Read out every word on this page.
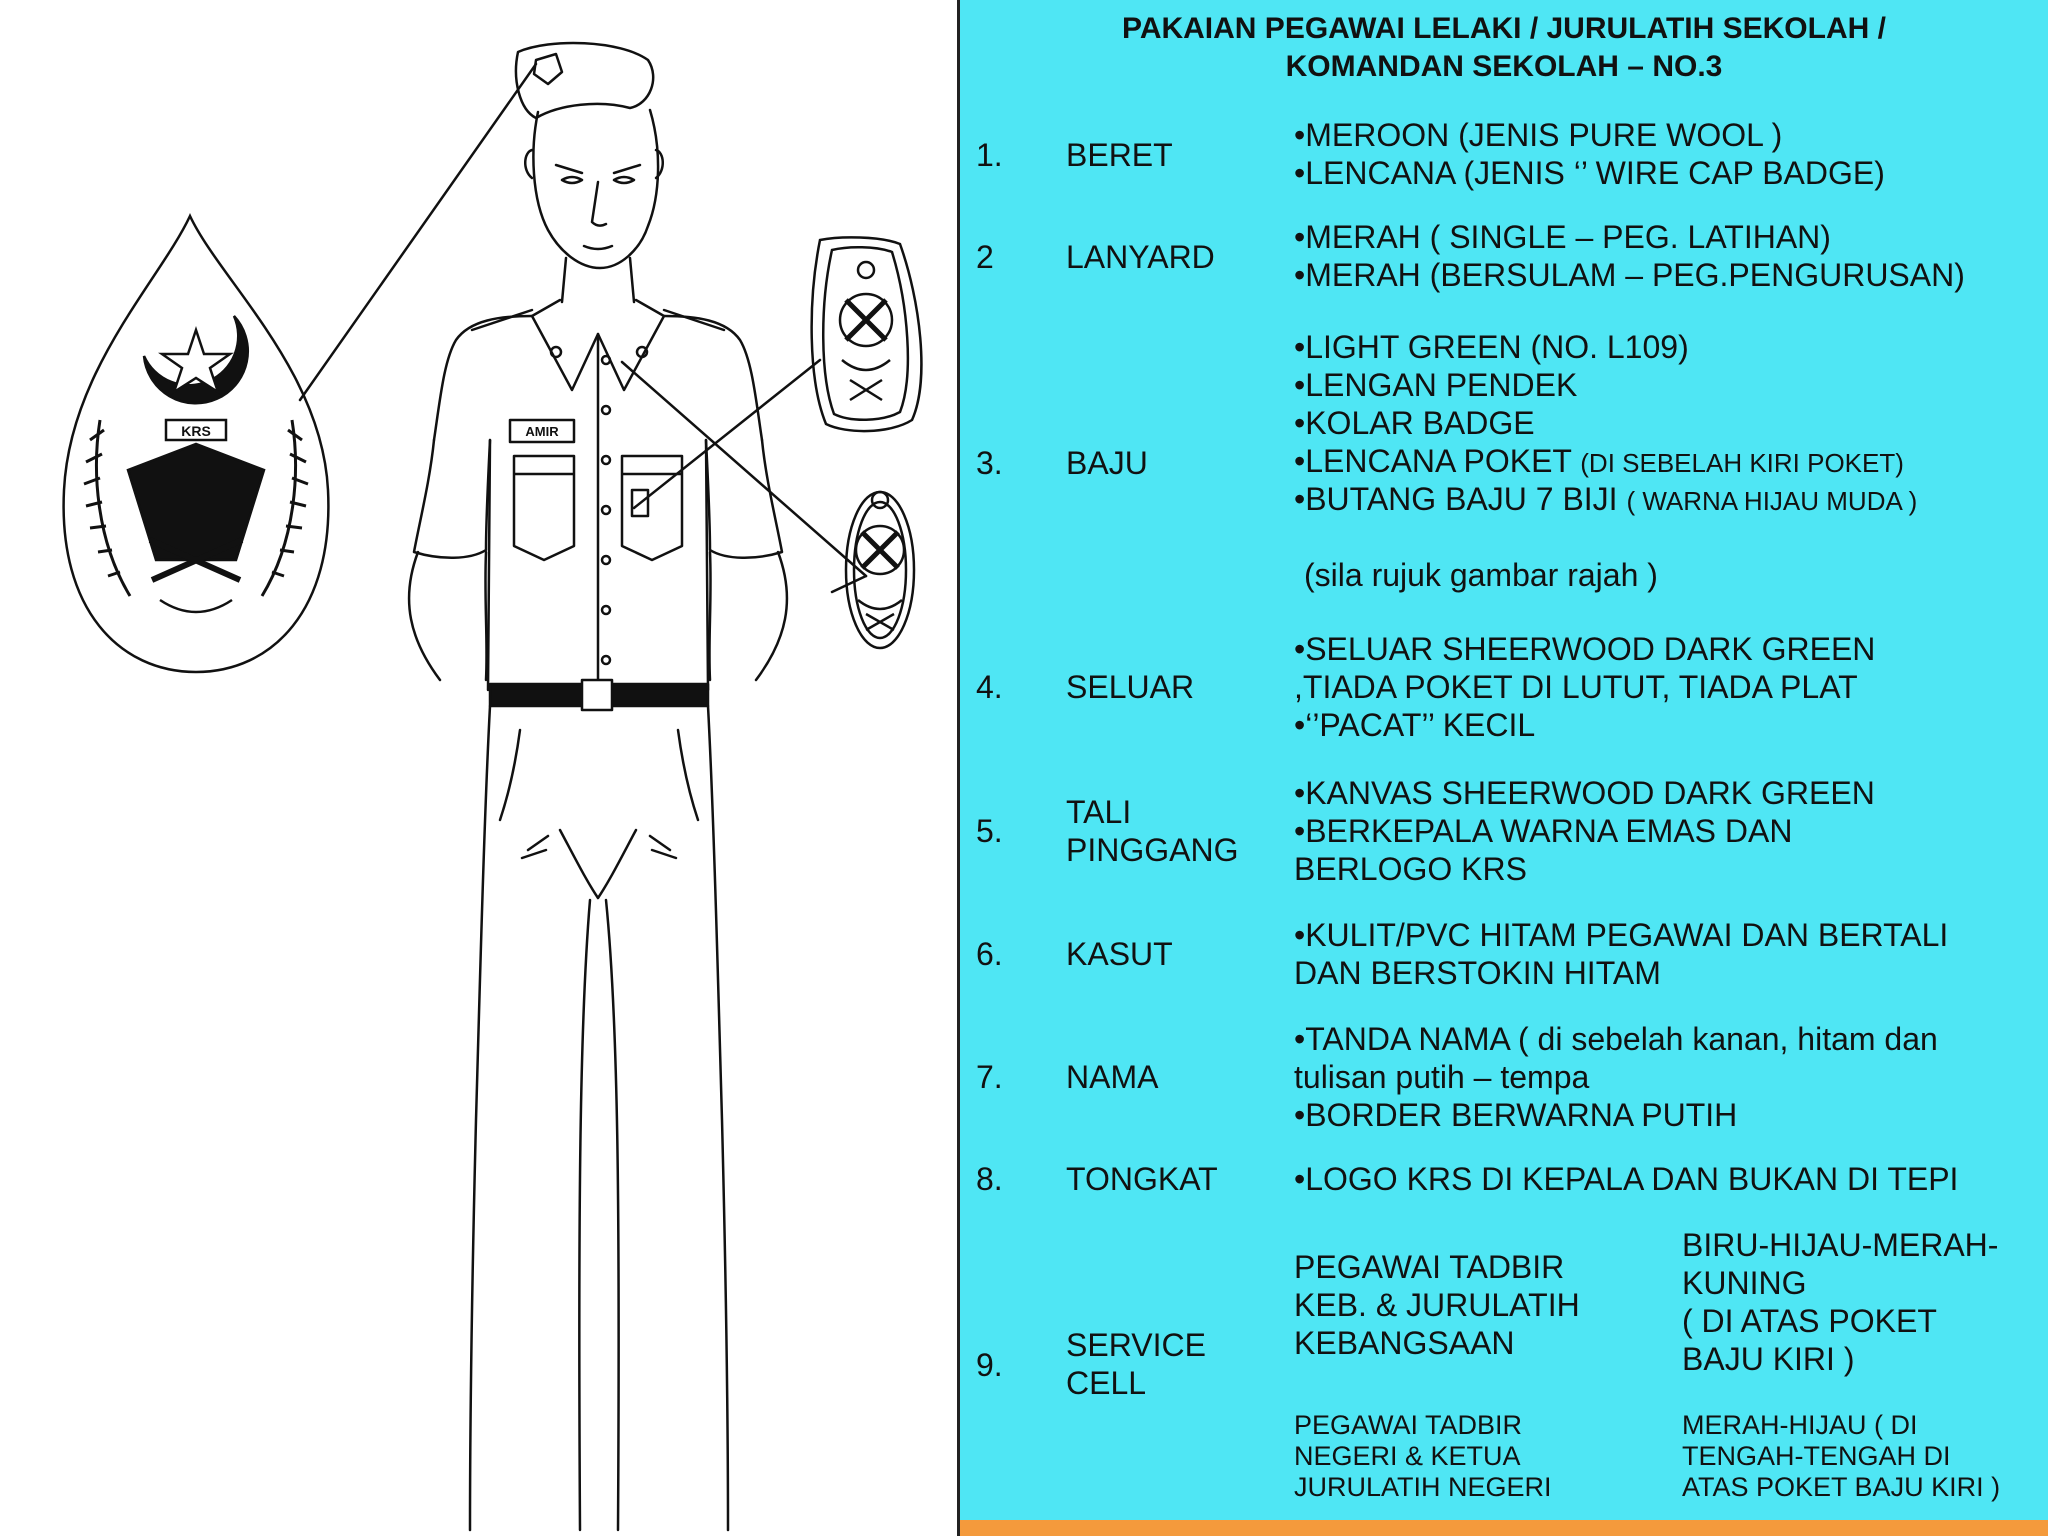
KRS	AMIR
PAKAIAN PEGAWAI LELAKI / JURULATIH SEKOLAH /
KOMANDAN SEKOLAH – NO.3
1. BERET
•MEROON (JENIS PURE WOOL )
•LENCANA (JENIS ‘’ WIRE CAP BADGE)
2 LANYARD
•MERAH ( SINGLE – PEG. LATIHAN)
•MERAH (BERSULAM – PEG.PENGURUSAN)
3. BAJU
•LIGHT GREEN (NO. L109)
•LENGAN PENDEK
•KOLAR BADGE
•LENCANA POKET (DI SEBELAH KIRI POKET)
•BUTANG BAJU 7 BIJI ( WARNA HIJAU MUDA )
(sila rujuk gambar rajah )
4. SELUAR
•SELUAR SHEERWOOD DARK GREEN
,TIADA POKET DI LUTUT, TIADA PLAT
•‘’PACAT’’ KECIL
5.
TALI
PINGGANG
•KANVAS SHEERWOOD DARK GREEN
•BERKEPALA WARNA EMAS DAN
BERLOGO KRS
6. KASUT
•KULIT/PVC HITAM PEGAWAI DAN BERTALI
DAN BERSTOKIN HITAM
7. NAMA
•TANDA NAMA ( di sebelah kanan, hitam dan
tulisan putih – tempa
•BORDER BERWARNA PUTIH
8. TONGKAT •LOGO KRS DI KEPALA DAN BUKAN DI TEPI
9.
SERVICE
CELL
PEGAWAI TADBIR
KEB. & JURULATIH
KEBANGSAAN
BIRU-HIJAU-MERAH-
KUNING
( DI ATAS POKET
BAJU KIRI )
PEGAWAI TADBIR
NEGERI & KETUA
JURULATIH NEGERI
MERAH-HIJAU ( DI
TENGAH-TENGAH DI
ATAS POKET BAJU KIRI )
